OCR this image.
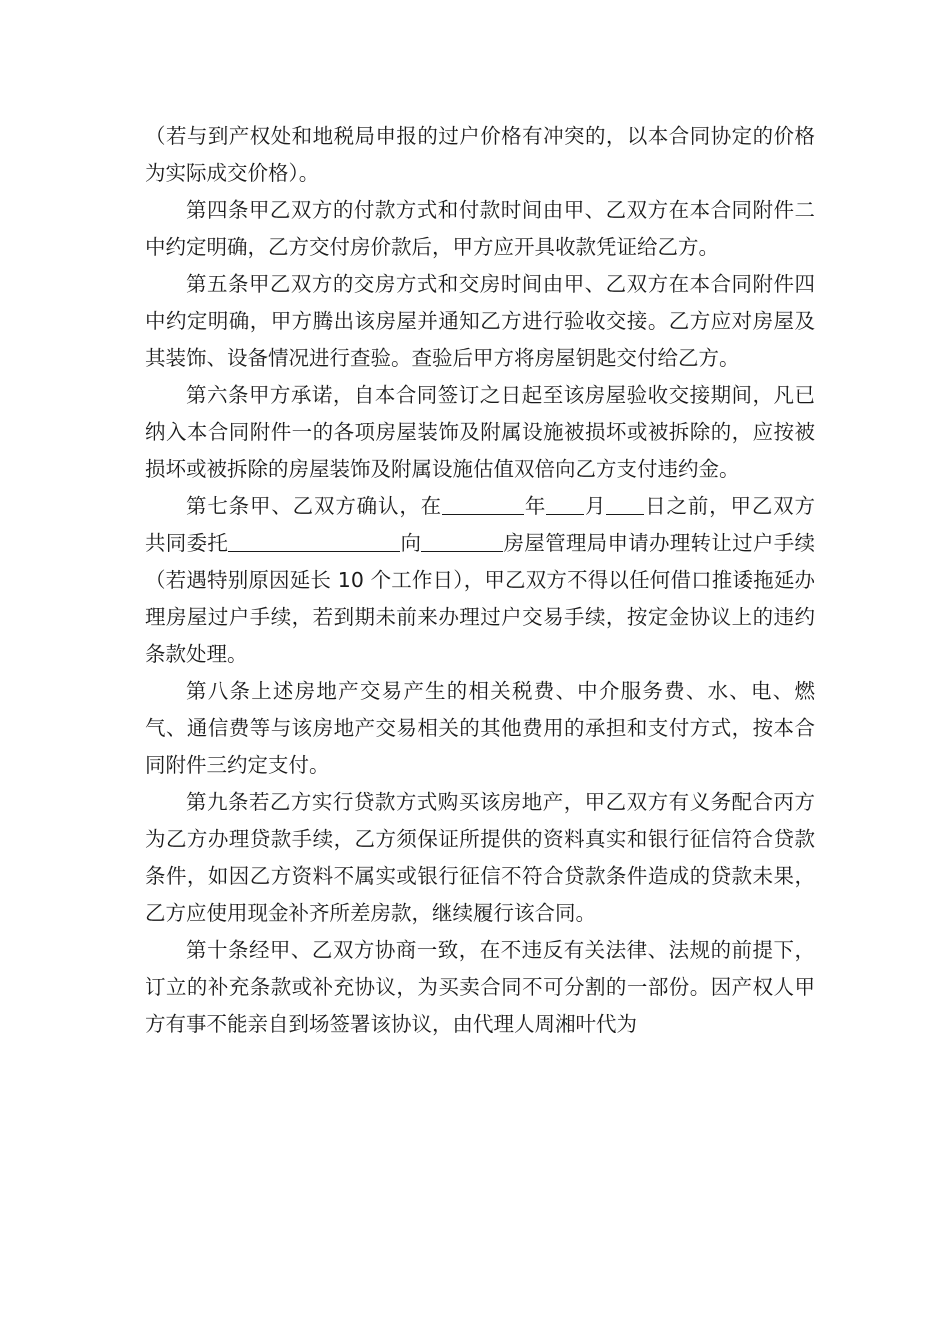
（若与到产权处和地税局申报的过户价格有冲突的，以本合同协定的价格为实际成交价格）。

第四条甲乙双方的付款方式和付款时间由甲、乙双方在本合同附件二中约定明确，乙方交付房价款后，甲方应开具收款凭证给乙方。

第五条甲乙双方的交房方式和交房时间由甲、乙双方在本合同附件四中约定明确，甲方腾出该房屋并通知乙方进行验收交接。乙方应对房屋及其装饰、设备情况进行查验。查验后甲方将房屋钥匙交付给乙方。

第六条甲方承诺，自本合同签订之日起至该房屋验收交接期间，凡已纳入本合同附件一的各项房屋装饰及附属设施被损坏或被拆除的，应按被损坏或被拆除的房屋装饰及附属设施估值双倍向乙方支付违约金。

第七条甲、乙双方确认，在	年 月 日之前，甲乙双方共同委托	向	房屋管理局申请办理转让过户手续（若遇特别原因延长 10 个工作日），甲乙双方不得以任何借口推诿拖延办理房屋过户手续，若到期未前来办理过户交易手续，按定金协议上的违约条款处理。

第八条上述房地产交易产生的相关税费、中介服务费、水、电、燃气、通信费等与该房地产交易相关的其他费用的承担和支付方式，按本合同附件三约定支付。

第九条若乙方实行贷款方式购买该房地产，甲乙双方有义务配合丙方为乙方办理贷款手续，乙方须保证所提供的资料真实和银行征信符合贷款条件，如因乙方资料不属实或银行征信不符合贷款条件造成的贷款未果，乙方应使用现金补齐所差房款，继续履行该合同。

第十条经甲、乙双方协商一致，在不违反有关法律、法规的前提下，订立的补充条款或补充协议，为买卖合同不可分割的一部份。因产权人甲方有事不能亲自到场签署该协议，由代理人周湘叶代为
